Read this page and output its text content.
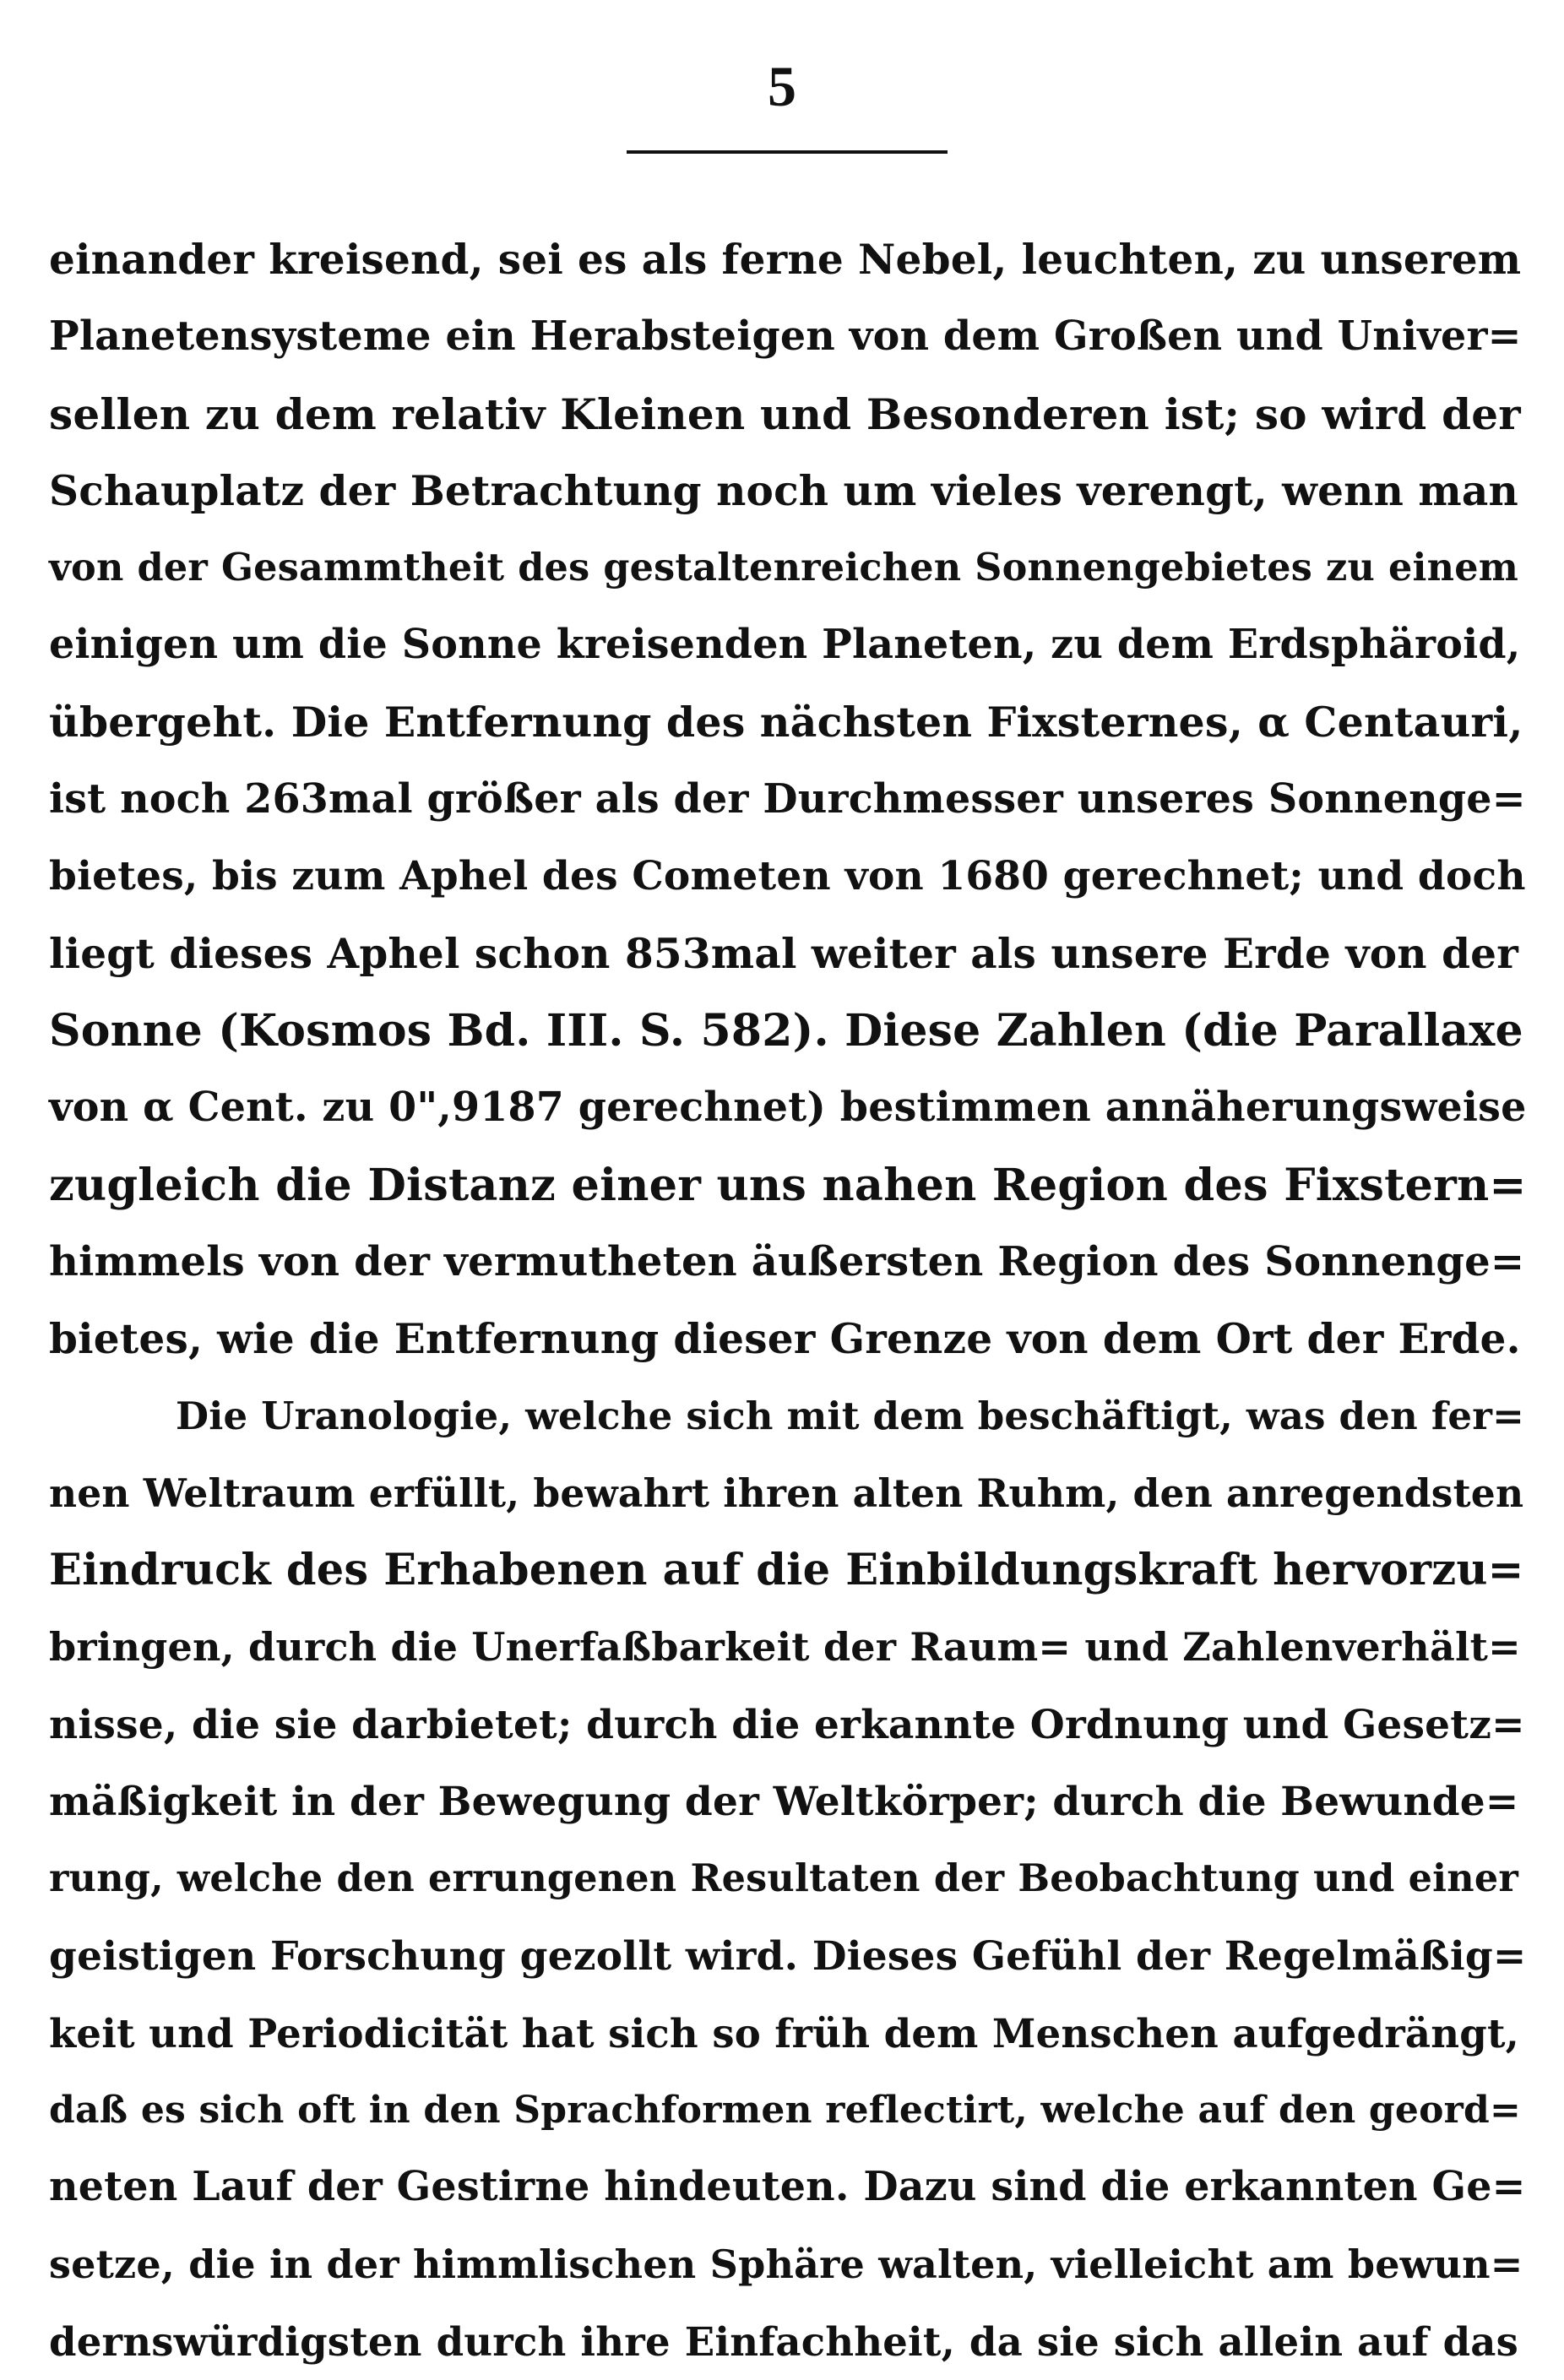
5
einander kreisend, sei es als ferne Nebel, leuchten, zu unserem
Planetensysteme ein Herabsteigen von dem Großen und Univer=
sellen zu dem relativ Kleinen und Besonderen ist; so wird der
Schauplatz der Betrachtung noch um vieles verengt, wenn man
von der Gesammtheit des gestaltenreichen Sonnengebietes zu einem
einigen um die Sonne kreisenden Planeten, zu dem Erdsphäroid,
übergeht. Die Entfernung des nächsten Fixsternes, α Centauri,
ist noch 263mal größer als der Durchmesser unseres Sonnenge=
bietes, bis zum Aphel des Cometen von 1680 gerechnet; und doch
liegt dieses Aphel schon 853mal weiter als unsere Erde von der
Sonne (Kosmos Bd. III. S. 582). Diese Zahlen (die Parallaxe
von α Cent. zu 0",9187 gerechnet) bestimmen annäherungsweise
zugleich die Distanz einer uns nahen Region des Fixstern=
himmels von der vermutheten äußersten Region des Sonnenge=
bietes, wie die Entfernung dieser Grenze von dem Ort der Erde.
Die Uranologie, welche sich mit dem beschäftigt, was den fer=
nen Weltraum erfüllt, bewahrt ihren alten Ruhm, den anregendsten
Eindruck des Erhabenen auf die Einbildungskraft hervorzu=
bringen, durch die Unerfaßbarkeit der Raum= und Zahlenverhält=
nisse, die sie darbietet; durch die erkannte Ordnung und Gesetz=
mäßigkeit in der Bewegung der Weltkörper; durch die Bewunde=
rung, welche den errungenen Resultaten der Beobachtung und einer
geistigen Forschung gezollt wird. Dieses Gefühl der Regelmäßig=
keit und Periodicität hat sich so früh dem Menschen aufgedrängt,
daß es sich oft in den Sprachformen reflectirt, welche auf den geord=
neten Lauf der Gestirne hindeuten. Dazu sind die erkannten Ge=
setze, die in der himmlischen Sphäre walten, vielleicht am bewun=
dernswürdigsten durch ihre Einfachheit, da sie sich allein auf das
